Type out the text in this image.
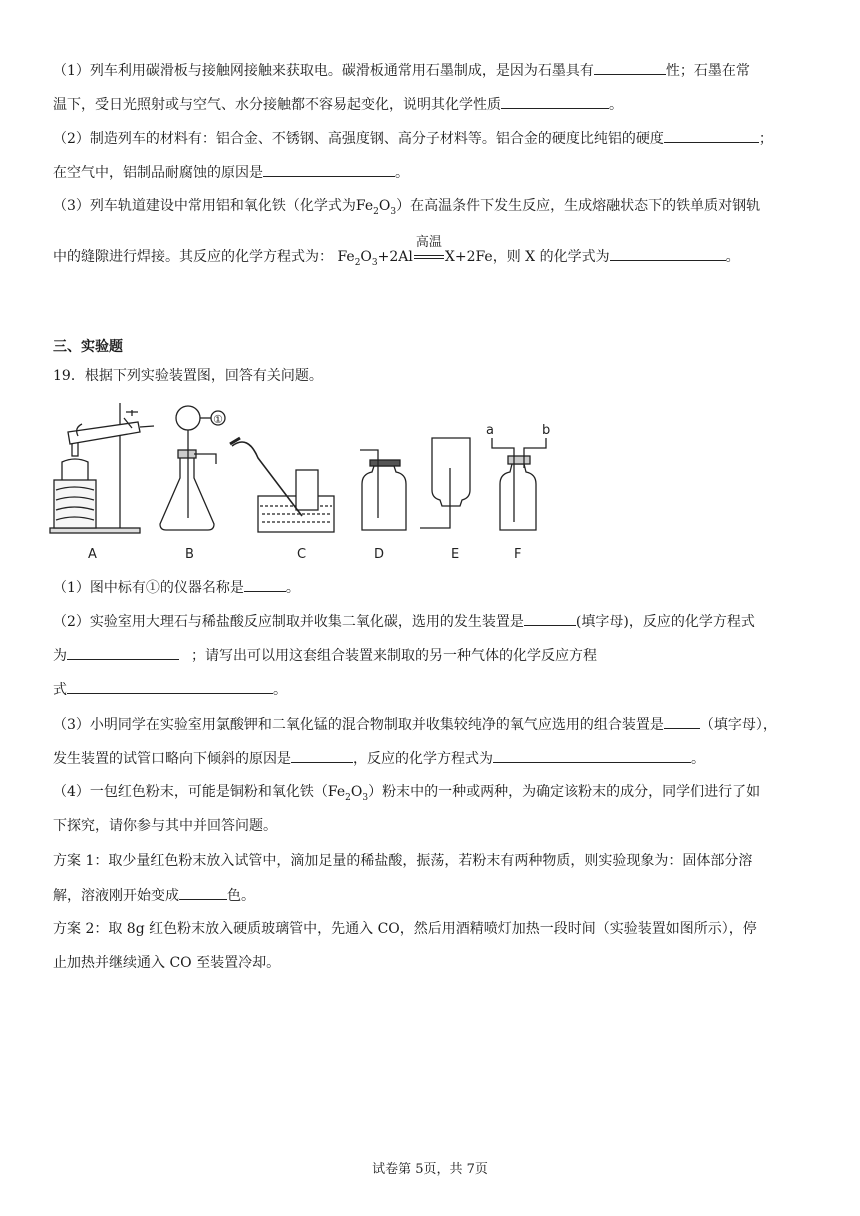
（1）列车利用碳滑板与接触网接触来获取电。碳滑板通常用石墨制成，是因为石墨具有	性；石墨在常
温下，受日光照射或与空气、水分接触都不容易起变化，说明其化学性质	。
（2）制造列车的材料有：铝合金、不锈钢、高强度钢、高分子材料等。铝合金的硬度比纯铝的硬度	；
在空气中，铝制品耐腐蚀的原因是	。
（3）列车轨道建设中常用铝和氧化铁（化学式为$Fe_2O_3$）在高温条件下发生反应，生成熔融状态下的铁单质对钢轨
中的缝隙进行焊接。其反应的化学方程式为： $Fe_2O_3+2Al$
高温
X+2Fe，则 X 的化学式为	。
三、实验题
19．根据下列实验装置图，回答有关问题。
A	B	C	D	E	F
①
a	b
（1）图中标有①的仪器名称是	。
（2）实验室用大理石与稀盐酸反应制取并收集二氧化碳，选用的发生装置是	(填字母)，反应的化学方程式
为	；请写出可以用这套组合装置来制取的另一种气体的化学反应方程
式	。
（3）小明同学在实验室用氯酸钾和二氧化锰的混合物制取并收集较纯净的氧气应选用的组合装置是	（填字母），
发生装置的试管口略向下倾斜的原因是	，反应的化学方程式为	。
（4）一包红色粉末，可能是铜粉和氧化铁$(Fe_2O_3)$粉末中的一种或两种，为确定该粉末的成分，同学们进行了如
下探究，请你参与其中并回答问题。
方案 1：取少量红色粉末放入试管中，滴加足量的稀盐酸，振荡，若粉末有两种物质，则实验现象为：固体部分溶
解，溶液刚开始变成	色。
方案 2：取 8g 红色粉末放入硬质玻璃管中，先通入 CO，然后用酒精喷灯加热一段时间（实验装置如图所示），停
止加热并继续通入 CO 至装置冷却。
试卷第 5页，共 7页
